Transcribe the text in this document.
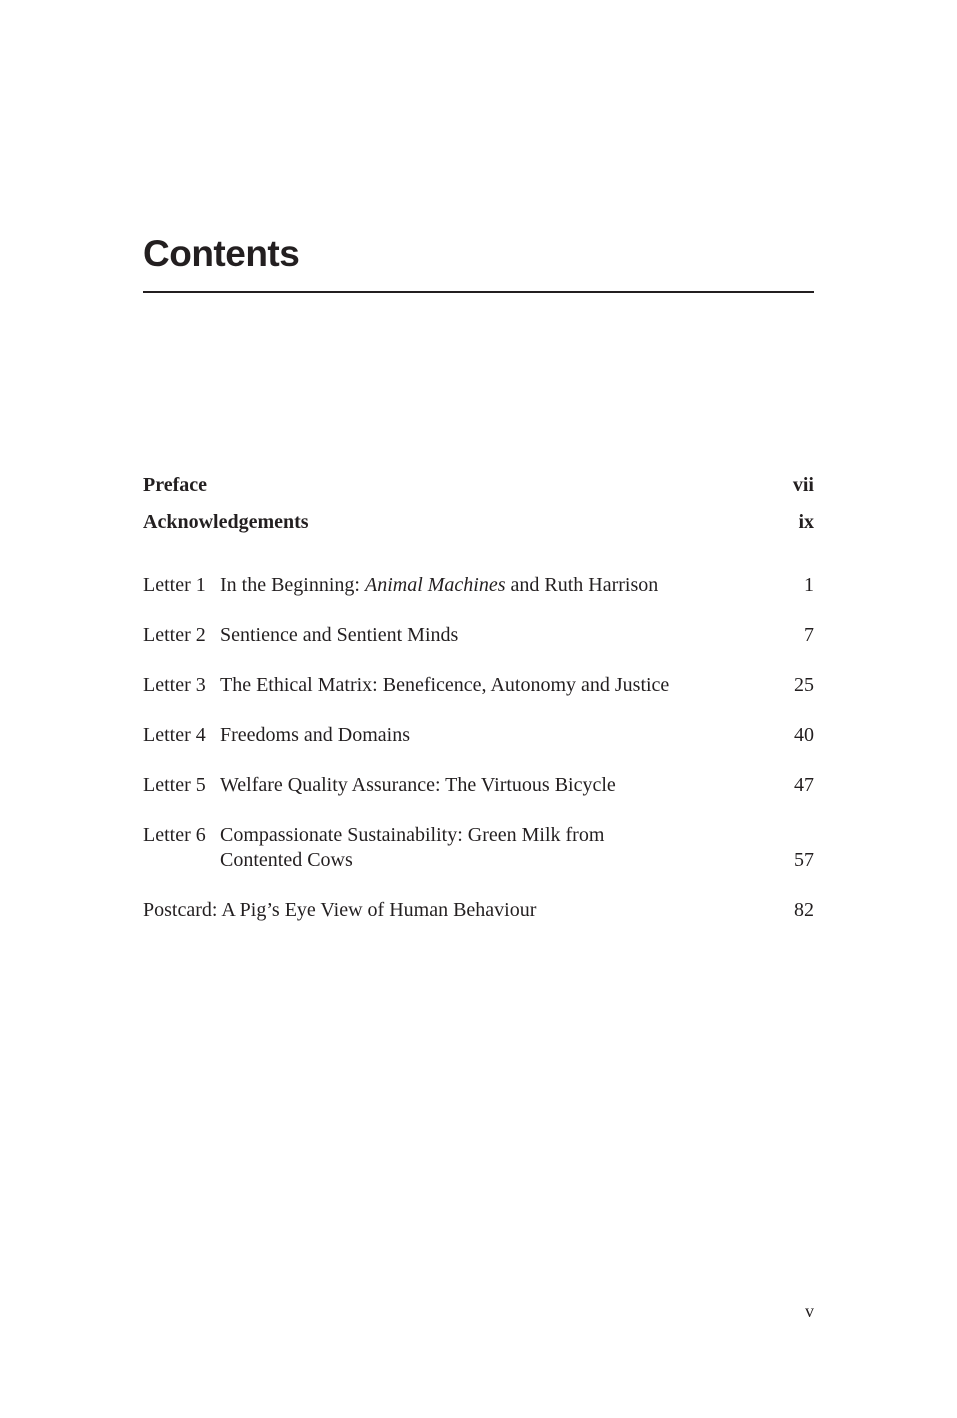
Contents
Preface	vii
Acknowledgements	ix
Letter 1 In the Beginning: Animal Machines and Ruth Harrison	1
Letter 2 Sentience and Sentient Minds	7
Letter 3 The Ethical Matrix: Beneficence, Autonomy and Justice	25
Letter 4 Freedoms and Domains	40
Letter 5 Welfare Quality Assurance: The Virtuous Bicycle	47
Letter 6 Compassionate Sustainability: Green Milk from Contented Cows	57
Postcard: A Pig’s Eye View of Human Behaviour	82
v
